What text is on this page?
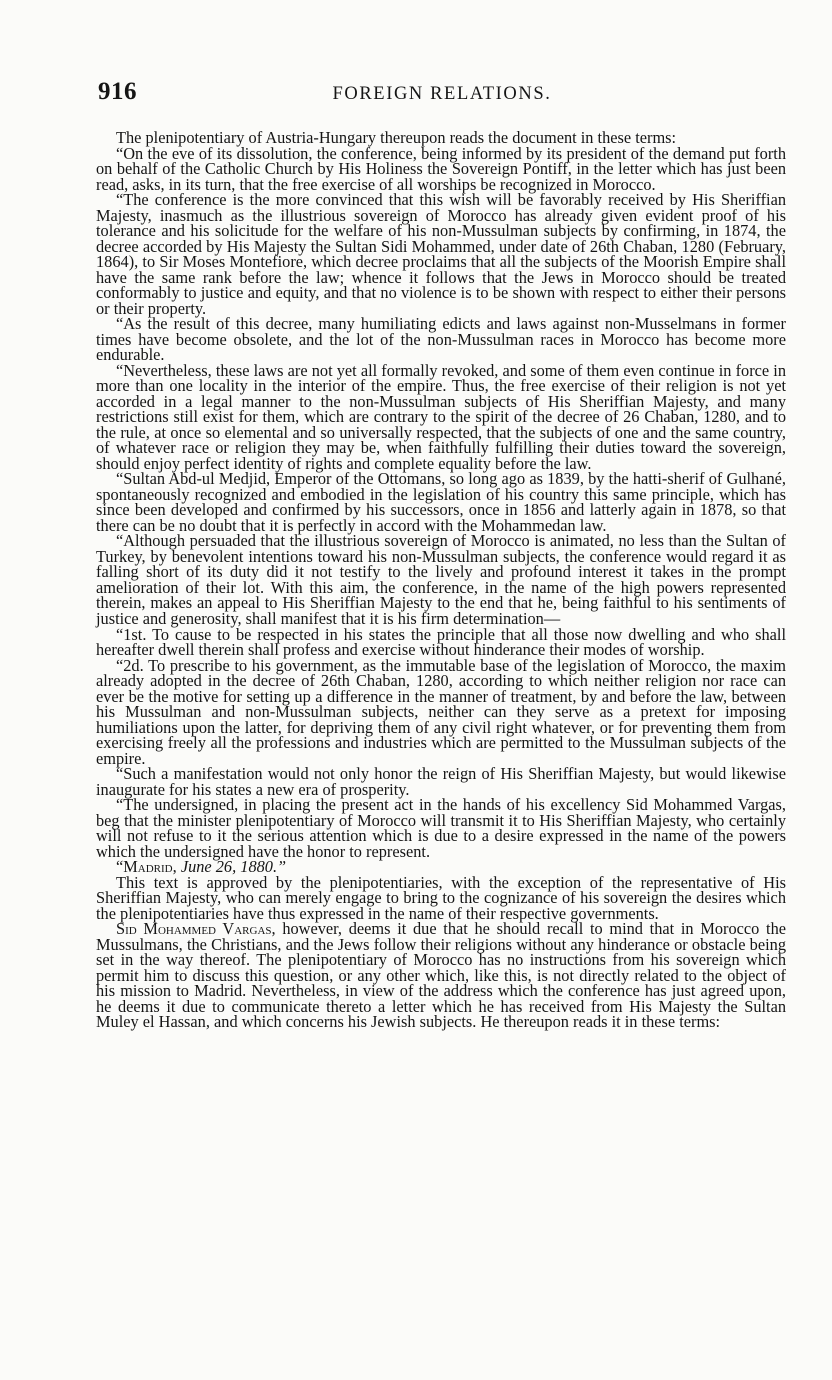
916	FOREIGN RELATIONS.

The plenipotentiary of Austria-Hungary thereupon reads the document in these terms:

“On the eve of its dissolution, the conference, being informed by its president of the demand put forth on behalf of the Catholic Church by His Holiness the Sovereign Pontiff, in the letter which has just been read, asks, in its turn, that the free exercise of all worships be recognized in Morocco.

“The conference is the more convinced that this wish will be favorably received by His Sheriffian Majesty, inasmuch as the illustrious sovereign of Morocco has already given evident proof of his tolerance and his solicitude for the welfare of his non-Mussulman subjects by confirming, in 1874, the decree accorded by His Majesty the Sultan Sidi Mohammed, under date of 26th Chaban, 1280 (February, 1864), to Sir Moses Montefiore, which decree proclaims that all the subjects of the Moorish Empire shall have the same rank before the law; whence it follows that the Jews in Morocco should be treated conformably to justice and equity, and that no violence is to be shown with respect to either their persons or their property.

“As the result of this decree, many humiliating edicts and laws against non-Musselmans in former times have become obsolete, and the lot of the non-Mussulman races in Morocco has become more endurable.

“Nevertheless, these laws are not yet all formally revoked, and some of them even continue in force in more than one locality in the interior of the empire. Thus, the free exercise of their religion is not yet accorded in a legal manner to the non-Mussulman subjects of His Sheriffian Majesty, and many restrictions still exist for them, which are contrary to the spirit of the decree of 26 Chaban, 1280, and to the rule, at once so elemental and so universally respected, that the subjects of one and the same country, of whatever race or religion they may be, when faithfully fulfilling their duties toward the sovereign, should enjoy perfect identity of rights and complete equality before the law.

“Sultan Abd-ul Medjid, Emperor of the Ottomans, so long ago as 1839, by the hatti-sherif of Gulhané, spontaneously recognized and embodied in the legislation of his country this same principle, which has since been developed and confirmed by his successors, once in 1856 and latterly again in 1878, so that there can be no doubt that it is perfectly in accord with the Mohammedan law.

“Although persuaded that the illustrious sovereign of Morocco is animated, no less than the Sultan of Turkey, by benevolent intentions toward his non-Mussulman subjects, the conference would regard it as falling short of its duty did it not testify to the lively and profound interest it takes in the prompt amelioration of their lot. With this aim, the conference, in the name of the high powers represented therein, makes an appeal to His Sheriffian Majesty to the end that he, being faithful to his sentiments of justice and generosity, shall manifest that it is his firm determination—

“1st. To cause to be respected in his states the principle that all those now dwelling and who shall hereafter dwell therein shall profess and exercise without hinderance their modes of worship.

“2d. To prescribe to his government, as the immutable base of the legislation of Morocco, the maxim already adopted in the decree of 26th Chaban, 1280, according to which neither religion nor race can ever be the motive for setting up a difference in the manner of treatment, by and before the law, between his Mussulman and non-Mussulman subjects, neither can they serve as a pretext for imposing humiliations upon the latter, for depriving them of any civil right whatever, or for preventing them from exercising freely all the professions and industries which are permitted to the Mussulman subjects of the empire.

“Such a manifestation would not only honor the reign of His Sheriffian Majesty, but would likewise inaugurate for his states a new era of prosperity.

“The undersigned, in placing the present act in the hands of his excellency Sid Mohammed Vargas, beg that the minister plenipotentiary of Morocco will transmit it to His Sheriffian Majesty, who certainly will not refuse to it the serious attention which is due to a desire expressed in the name of the powers which the undersigned have the honor to represent.

“Madrid, June 26, 1880.”

This text is approved by the plenipotentiaries, with the exception of the representative of His Sheriffian Majesty, who can merely engage to bring to the cognizance of his sovereign the desires which the plenipotentiaries have thus expressed in the name of their respective governments.

Sid Mohammed Vargas, however, deems it due that he should recall to mind that in Morocco the Mussulmans, the Christians, and the Jews follow their religions without any hinderance or obstacle being set in the way thereof. The plenipotentiary of Morocco has no instructions from his sovereign which permit him to discuss this question, or any other which, like this, is not directly related to the object of his mission to Madrid. Nevertheless, in view of the address which the conference has just agreed upon, he deems it due to communicate thereto a letter which he has received from His Majesty the Sultan Muley el Hassan, and which concerns his Jewish subjects. He thereupon reads it in these terms:
